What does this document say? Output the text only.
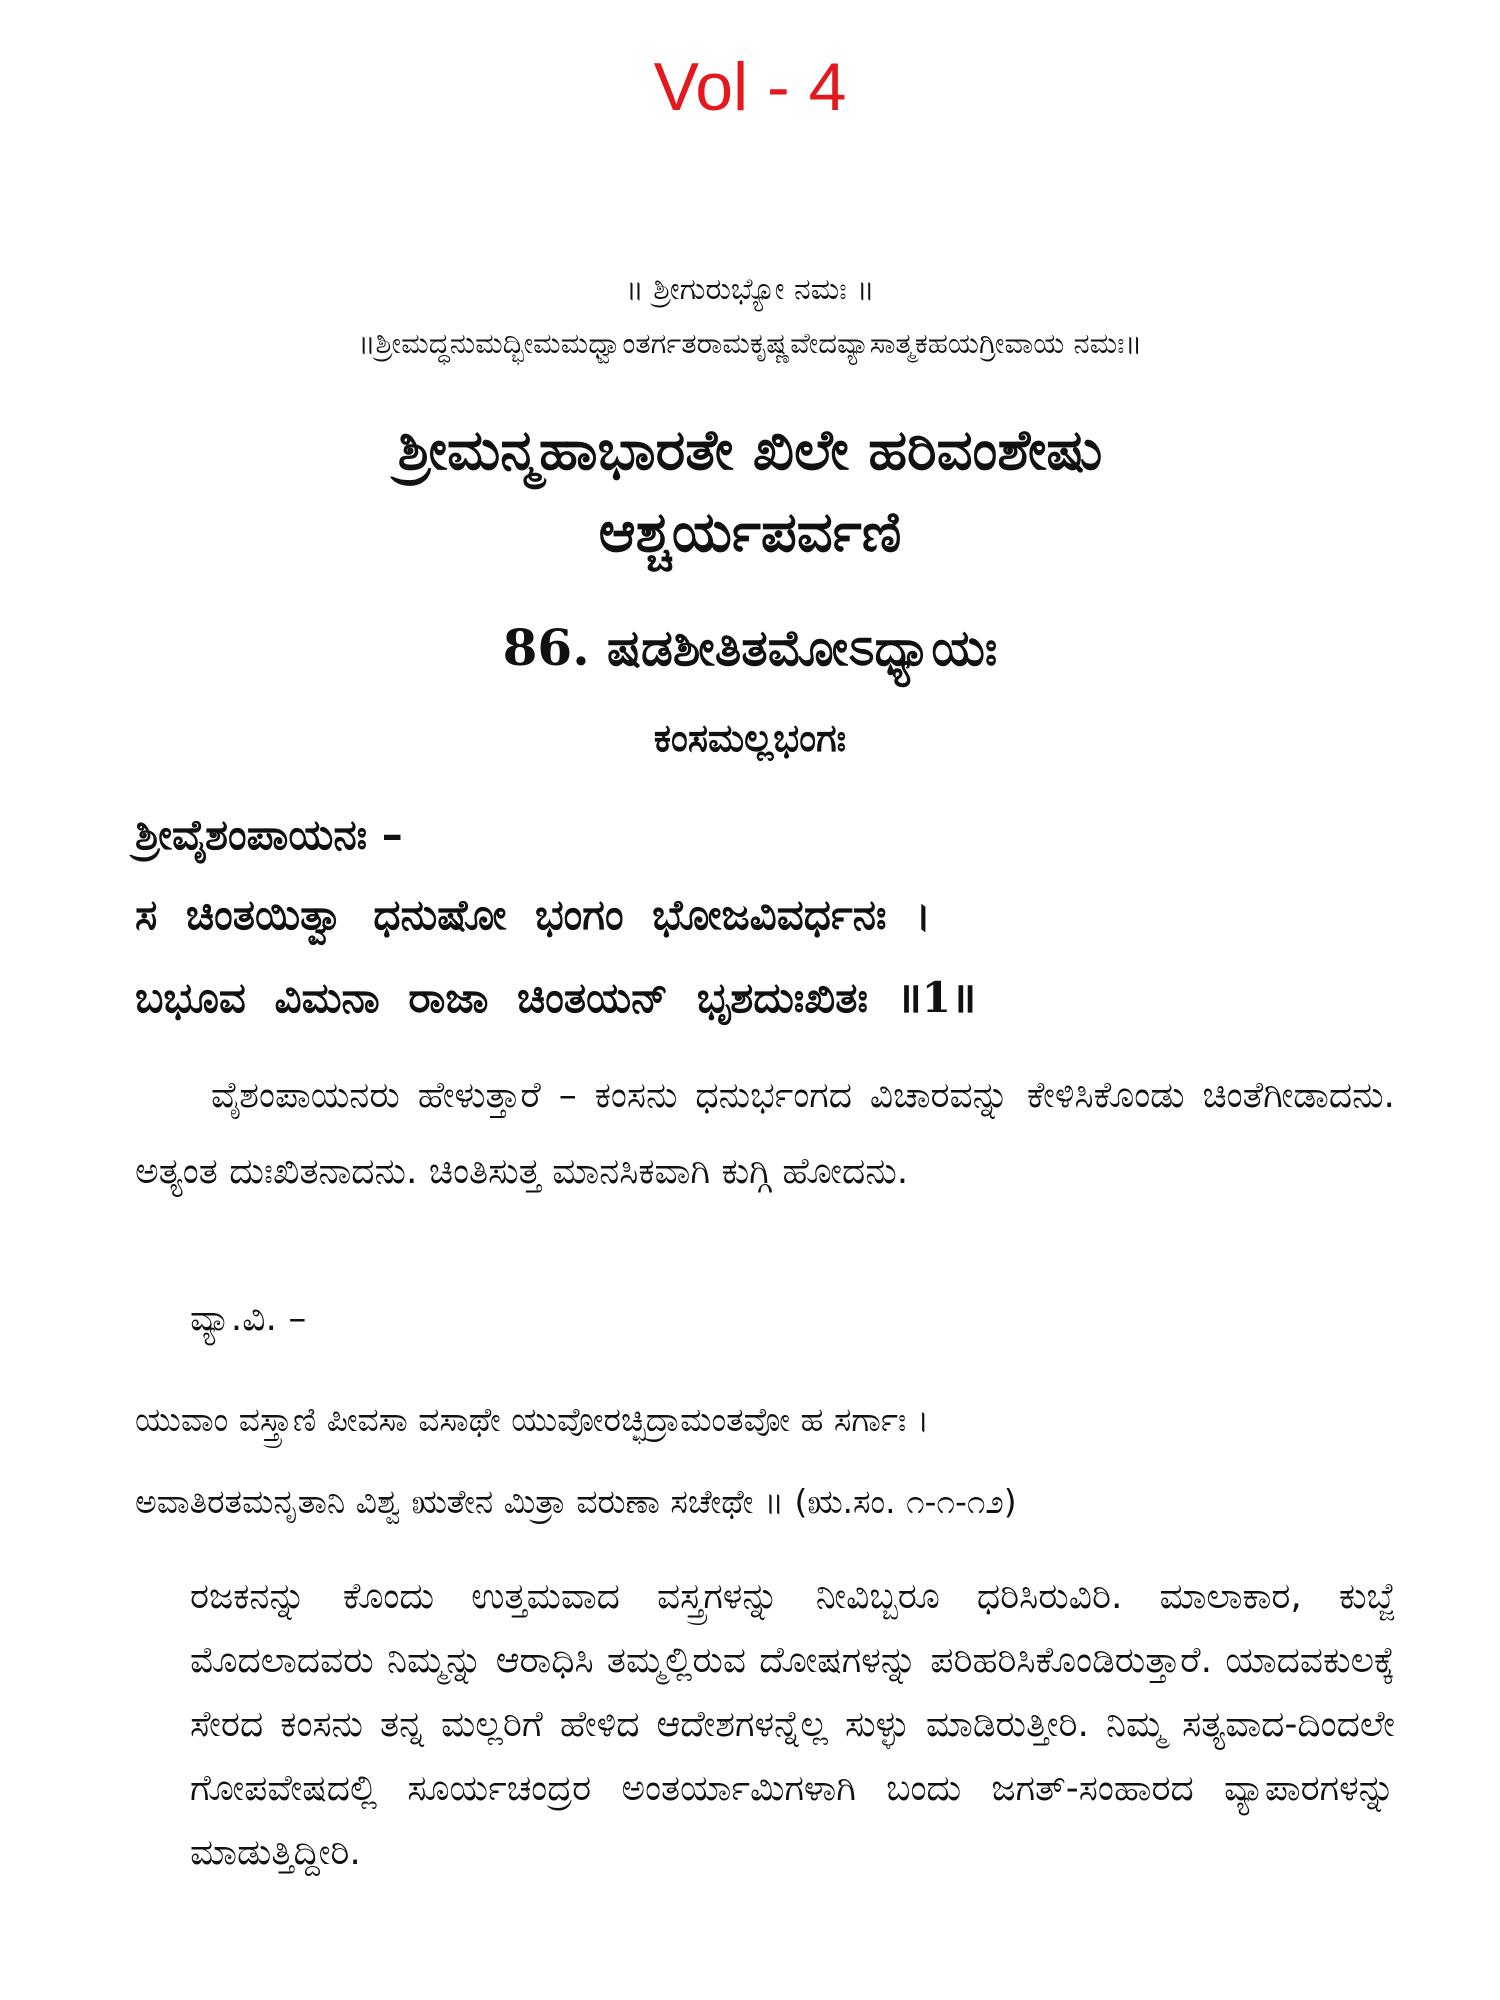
Vol - 4
॥ ಶ್ರೀಗುರುಭ್ಯೋ ನಮಃ ॥
॥ಶ್ರೀಮದ್ಧನುಮದ್ಭೀಮಮಧ್ವಾಂತರ್ಗತರಾಮಕೃಷ್ಣವೇದವ್ಯಾಸಾತ್ಮಕಹಯಗ್ರೀವಾಯ ನಮಃ॥
ಶ್ರೀಮನ್ಮಹಾಭಾರತೇ ಖಿಲೇ ಹರಿವಂಶೇಷು
ಆಶ್ಚರ್ಯಪರ್ವಣಿ
86. ಷಡಶೀತಿತಮೋಽಧ್ಯಾಯಃ
ಕಂಸಮಲ್ಲಭಂಗಃ
ಶ್ರೀವೈಶಂಪಾಯನಃ –
ಸ ಚಿಂತಯಿತ್ವಾ ಧನುಷೋ ಭಂಗಂ ಭೋಜವಿವರ್ಧನಃ ।
ಬಭೂವ ವಿಮನಾ ರಾಜಾ ಚಿಂತಯನ್ ಭೃಶದುಃಖಿತಃ ॥1॥
ವೈಶಂಪಾಯನರು ಹೇಳುತ್ತಾರೆ – ಕಂಸನು ಧನುರ್ಭಂಗದ ವಿಚಾರವನ್ನು ಕೇಳಿಸಿಕೊಂಡು ಚಿಂತೆಗೀಡಾದನು. ಅತ್ಯಂತ ದುಃಖಿತನಾದನು. ಚಿಂತಿಸುತ್ತ ಮಾನಸಿಕವಾಗಿ ಕುಗ್ಗಿ ಹೋದನು.
ವ್ಯಾ.ವಿ. –
ಯುವಾಂ ವಸ್ತ್ರಾಣಿ ಪೀವಸಾ ವಸಾಥೇ ಯುವೋರಚ್ಛಿದ್ರಾಮಂತವೋ ಹ ಸರ್ಗಾಃ ।
ಅವಾತಿರತಮನೃತಾನಿ ವಿಶ್ವ ಋತೇನ ಮಿತ್ರಾ ವರುಣಾ ಸಚೇಥೇ ॥ (ಋ.ಸಂ. ೧-೧-೧೨)
ರಜಕನನ್ನು ಕೊಂದು ಉತ್ತಮವಾದ ವಸ್ತ್ರಗಳನ್ನು ನೀವಿಬ್ಬರೂ ಧರಿಸಿರುವಿರಿ. ಮಾಲಾಕಾರ, ಕುಬ್ಜೆ ಮೊದಲಾದವರು ನಿಮ್ಮನ್ನು ಆರಾಧಿಸಿ ತಮ್ಮಲ್ಲಿರುವ ದೋಷಗಳನ್ನು ಪರಿಹರಿಸಿಕೊಂಡಿರುತ್ತಾರೆ. ಯಾದವಕುಲಕ್ಕೆ ಸೇರದ ಕಂಸನು ತನ್ನ ಮಲ್ಲರಿಗೆ ಹೇಳಿದ ಆದೇಶಗಳನ್ನೆಲ್ಲ ಸುಳ್ಳು ಮಾಡಿರುತ್ತೀರಿ. ನಿಮ್ಮ ಸತ್ಯವಾದ-ದಿಂದಲೇ ಗೋಪವೇಷದಲ್ಲಿ ಸೂರ್ಯಚಂದ್ರರ ಅಂತರ್ಯಾಮಿಗಳಾಗಿ ಬಂದು ಜಗತ್-ಸಂಹಾರದ ವ್ಯಾಪಾರಗಳನ್ನು ಮಾಡುತ್ತಿದ್ದೀರಿ.
